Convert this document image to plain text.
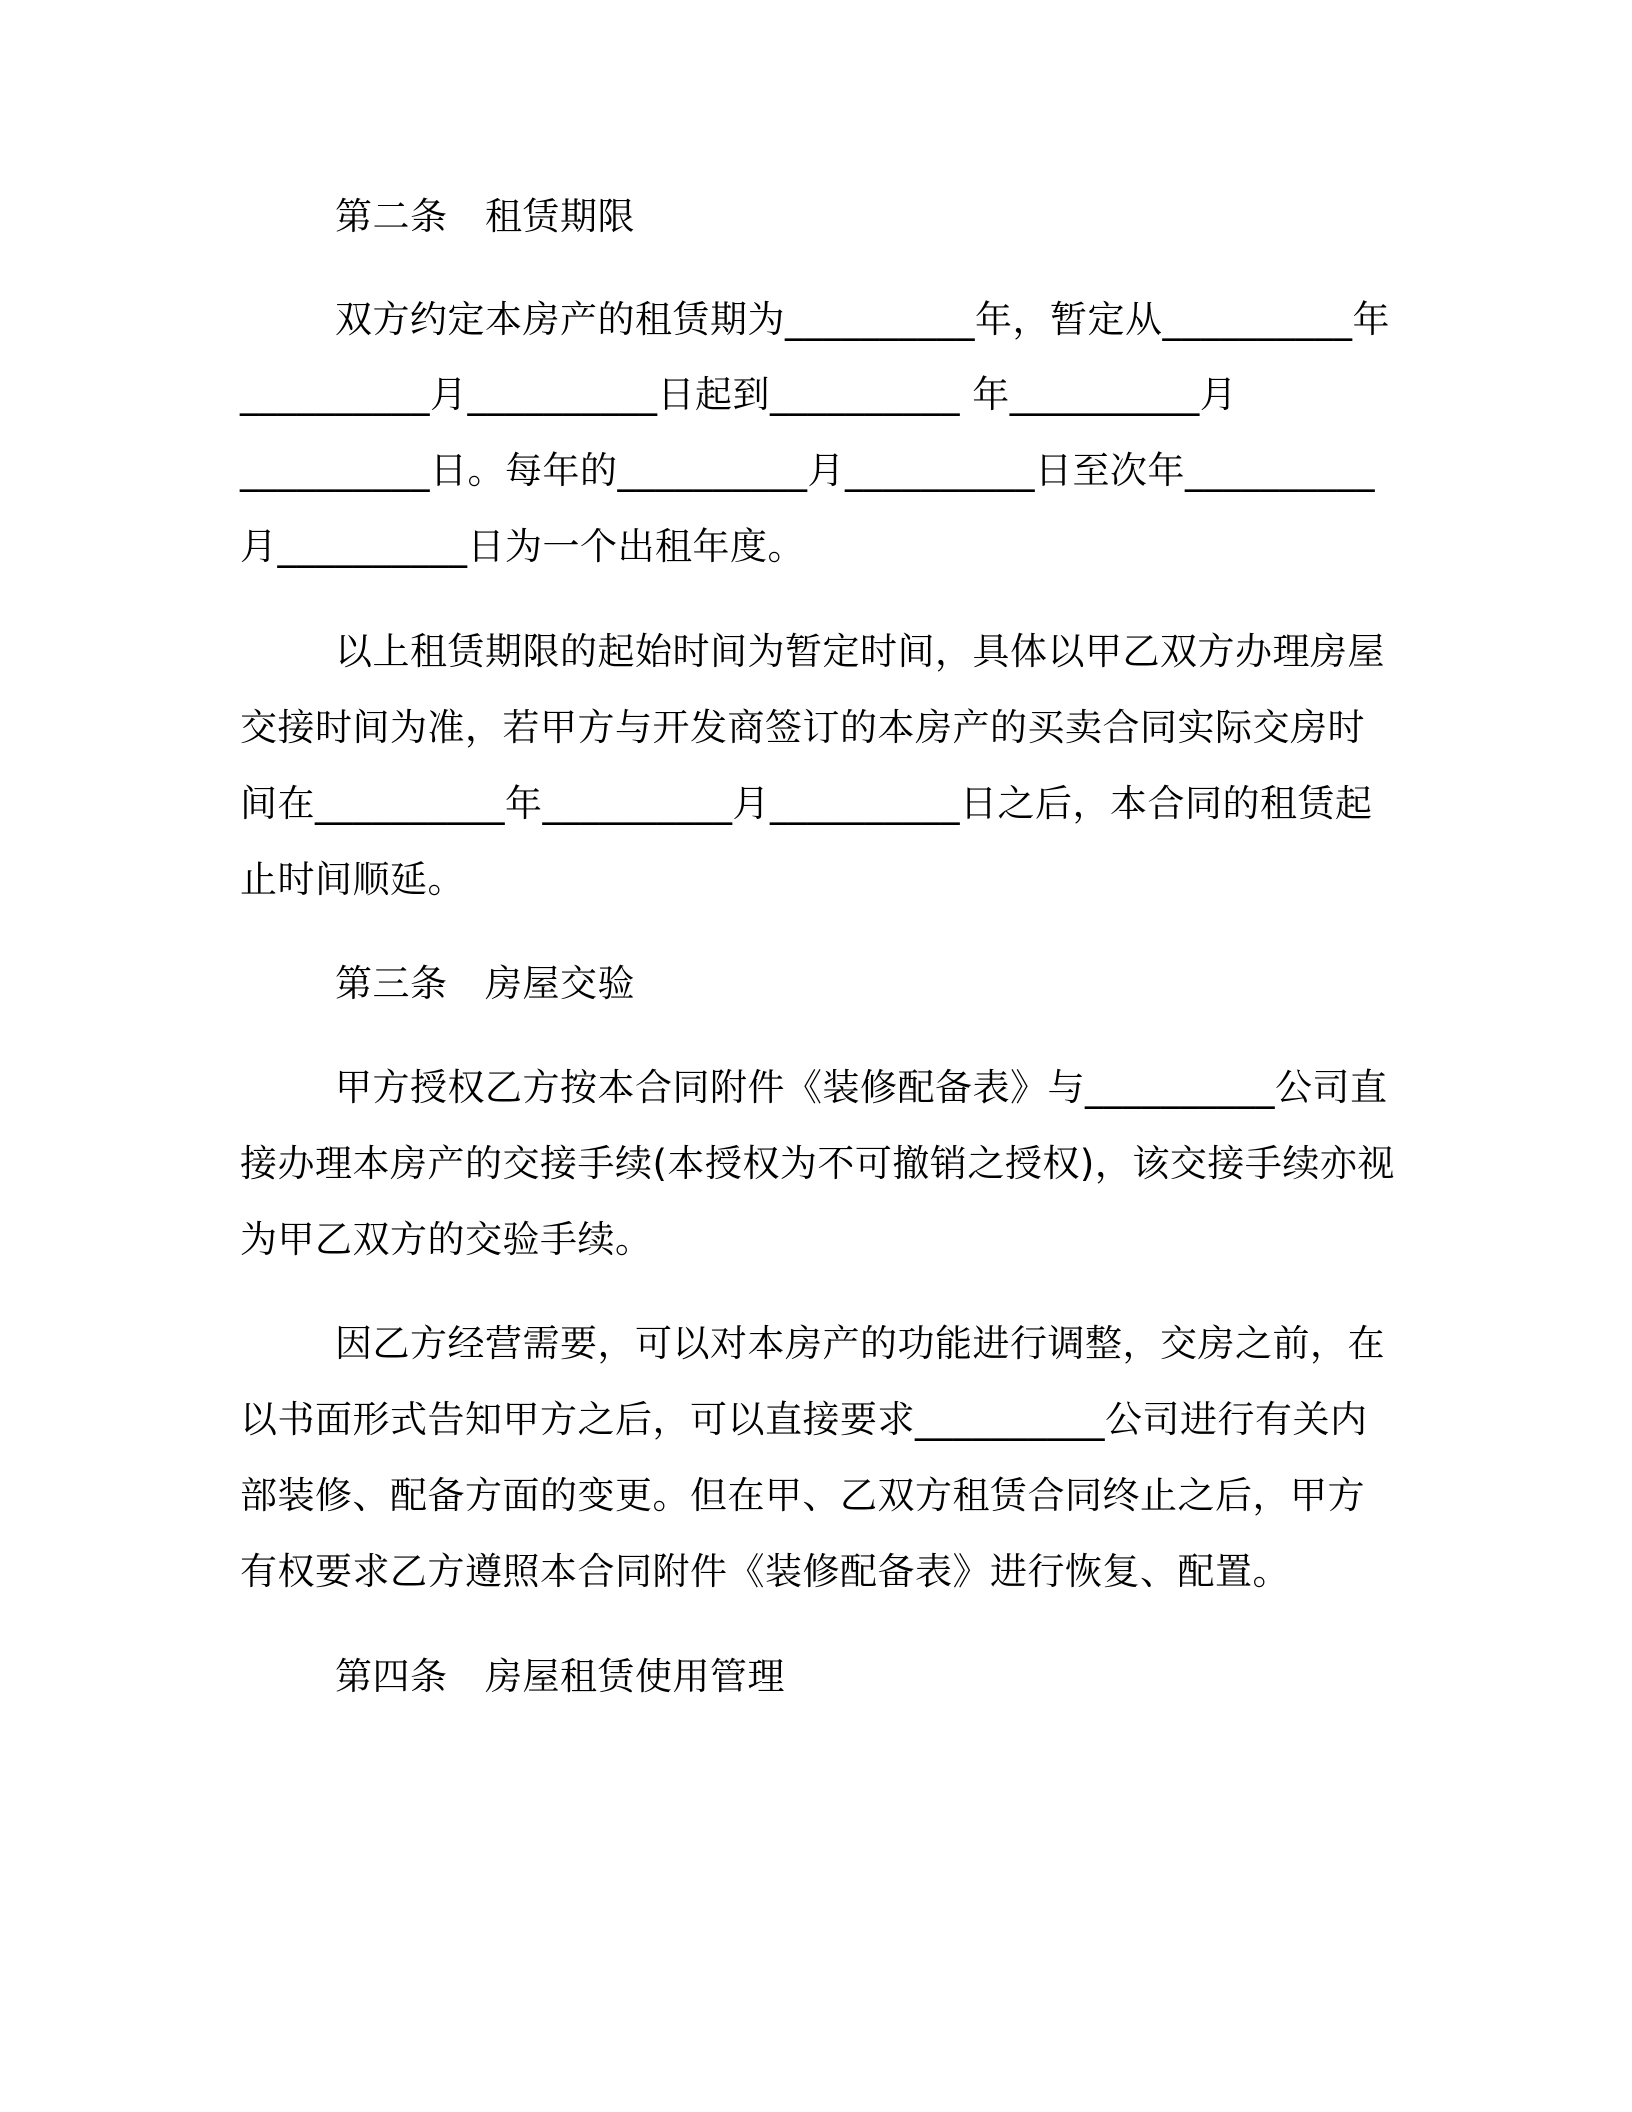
第二条　租赁期限
双方约定本房产的租赁期为__________年，暂定从__________年
__________月__________日起到__________ 年__________月
__________日。每年的__________月__________日至次年__________
月__________日为一个出租年度。
以上租赁期限的起始时间为暂定时间，具体以甲乙双方办理房屋
交接时间为准，若甲方与开发商签订的本房产的买卖合同实际交房时
间在__________年__________月__________日之后，本合同的租赁起
止时间顺延。
第三条　房屋交验
甲方授权乙方按本合同附件《装修配备表》与__________公司直
接办理本房产的交接手续(本授权为不可撤销之授权)，该交接手续亦视
为甲乙双方的交验手续。
因乙方经营需要，可以对本房产的功能进行调整，交房之前，在
以书面形式告知甲方之后，可以直接要求__________公司进行有关内
部装修、配备方面的变更。但在甲、乙双方租赁合同终止之后，甲方
有权要求乙方遵照本合同附件《装修配备表》进行恢复、配置。
第四条　房屋租赁使用管理
